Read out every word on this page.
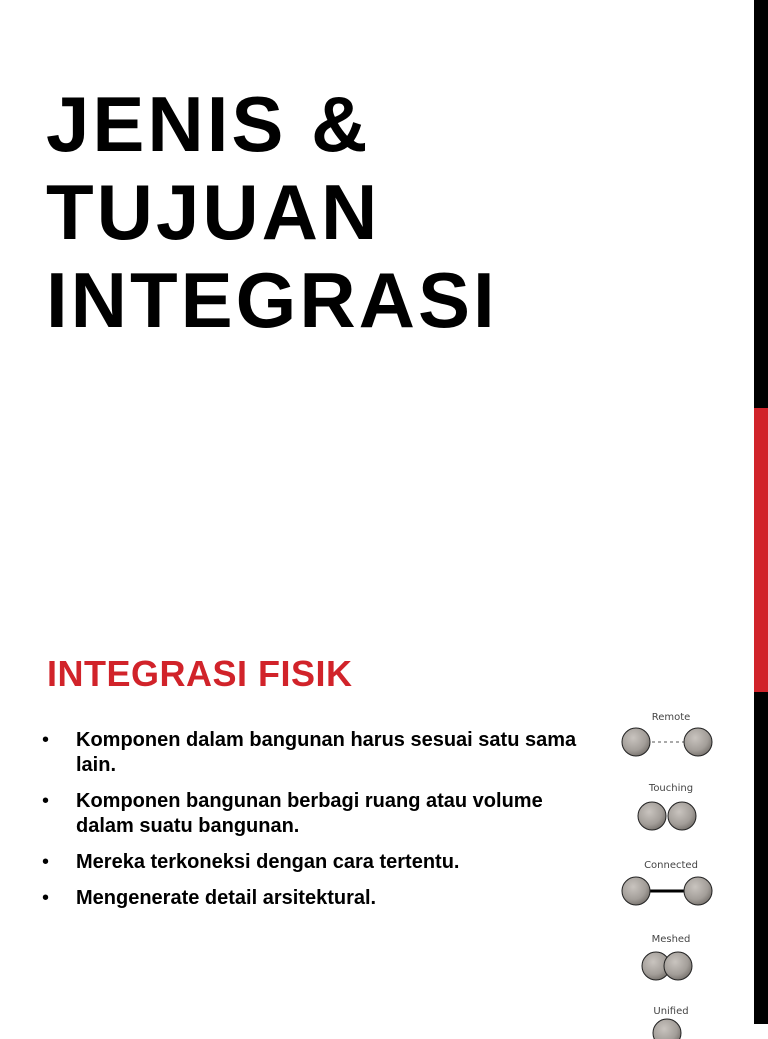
JENIS &
TUJUAN
INTEGRASI
INTEGRASI FISIK
• Komponen dalam bangunan harus sesuai satu sama lain.
• Komponen bangunan berbagi ruang atau volume dalam suatu bangunan.
• Mereka terkoneksi dengan cara tertentu.
• Mengenerate detail arsitektural.
Remote
Touching
Connected
Meshed
Unified
